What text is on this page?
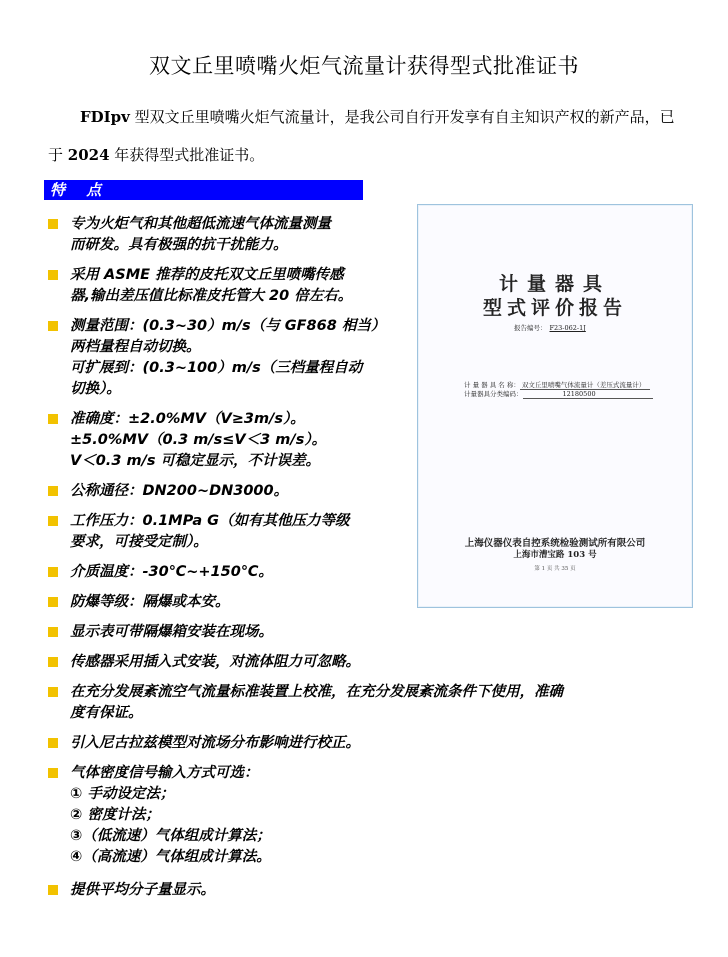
双文丘里喷嘴火炬气流量计获得型式批准证书
FDIpv 型双文丘里喷嘴火炬气流量计，是我公司自行开发享有自主知识产权的新产品，已于 2024 年获得型式批准证书。
特 点
专为火炬气和其他超低流速气体流量测量
而研发。具有极强的抗干扰能力。
采用 ASME 推荐的皮托双文丘里喷嘴传感
器,输出差压值比标准皮托管大 20 倍左右。
测量范围：(0.3~30）m/s（与 GF868 相当）
两档量程自动切换。
可扩展到：(0.3~100）m/s（三档量程自动
切换）。
准确度：±2.0%MV（V≥3m/s）。
±5.0%MV（0.3 m/s≤V＜3 m/s）。
V＜0.3 m/s 可稳定显示，不计误差。
公称通径：DN200~DN3000。
工作压力：0.1MPa G（如有其他压力等级
要求，可接受定制）。
介质温度：-30℃~+150℃。
防爆等级：隔爆或本安。
显示表可带隔爆箱安装在现场。
传感器采用插入式安装，对流体阻力可忽略。
在充分发展紊流空气流量标准装置上校准，在充分发展紊流条件下使用，准确
度有保证。
引入尼古拉兹模型对流场分布影响进行校正。
气体密度信号输入方式可选：
① 手动设定法；
② 密度计法；
③（低流速）气体组成计算法；
④（高流速）气体组成计算法。
提供平均分子量显示。
计量器具
型式评价报告
报告编号： F23-062-1J
计 量 器 具 名 称： 双文丘里喷嘴气体流量计（差压式流量计）
计量器具分类编码：	12180500
上海仪器仪表自控系统检验测试所有限公司
上海市漕宝路 103 号
第 1 页 共 35 页
